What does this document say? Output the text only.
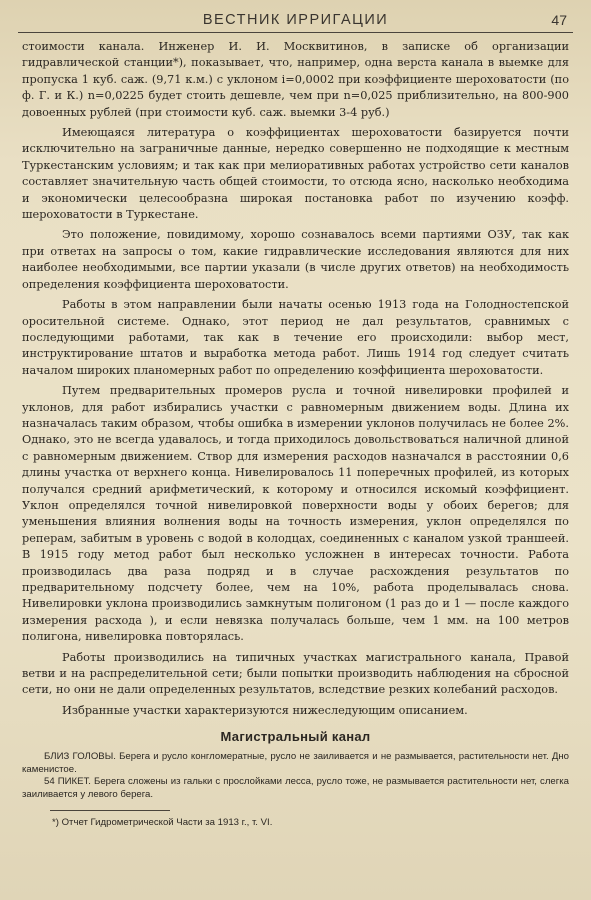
ВЕСТНИК ИРРИГАЦИИ	47

стоимости канала. Инженер И. И. Москвитинов, в записке об организации гидравлической станции*), показывает, что, например, одна верста канала в выемке для пропуска 1 куб. саж. (9,71 к.м.) с уклоном i=0,0002 при коэффициенте шероховатости (по ф. Г. и К.) n=0,0225 будет стоить дешевле, чем при n=0,025 приблизительно, на 800-900 довоенных рублей (при стоимости куб. саж. выемки 3-4 руб.)

Имеющаяся литература о коэффициентах шероховатости базируется почти исключительно на заграничные данные, нередко совершенно не подходящие к местным Туркестанским условиям; и так как при мелиоративных работах устройство сети каналов составляет значительную часть общей стоимости, то отсюда ясно, насколько необходима и экономически целесообразна широкая постановка работ по изучению коэфф. шероховатости в Туркестане.

Это положение, повидимому, хорошо сознавалось всеми партиями ОЗУ, так как при ответах на запросы о том, какие гидравлические исследования являются для них наиболее необходимыми, все партии указали (в числе других ответов) на необходимость определения коэффициента шероховатости.

Работы в этом направлении были начаты осенью 1913 года на Голодностепской оросительной системе. Однако, этот период не дал результатов, сравнимых с последующими работами, так как в течение его происходили: выбор мест, инструктирование штатов и выработка метода работ. Лишь 1914 год следует считать началом широких планомерных работ по определению коэффициента шероховатости.

Путем предварительных промеров русла и точной нивелировки профилей и уклонов, для работ избирались участки с равномерным движением воды. Длина их назначалась таким образом, чтобы ошибка в измерении уклонов получилась не более 2%. Однако, это не всегда удавалось, и тогда приходилось довольствоваться наличной длиной с равномерным движением. Створ для измерения расходов назначался в расстоянии 0,6 длины участка от верхнего конца. Нивелировалось 11 поперечных профилей, из которых получался средний арифметический, к которому и относился искомый коэффициент. Уклон определялся точной нивелировкой поверхности воды у обоих берегов; для уменьшения влияния волнения воды на точность измерения, уклон определялся по реперам, забитым в уровень с водой в колодцах, соединенных с каналом узкой траншеей. В 1915 году метод работ был несколько усложнен в интересах точности. Работа производилась два раза подряд и в случае расхождения результатов по предварительному подсчету более, чем на 10%, работа проделывалась снова. Нивелировки уклона производились замкнутым полигоном (1 раз до и 1 — после каждого измерения расхода ), и если невязка получалась больше, чем 1 мм. на 100 метров полигона, нивелировка повторялась.

Работы производились на типичных участках магистрального канала, Правой ветви и на распределительной сети; были попытки производить наблюдения на сбросной сети, но они не дали определенных результатов, вследствие резких колебаний расходов.

Избранные участки характеризуются нижеследующим описанием.

Магистральный канал

БЛИЗ ГОЛОВЫ. Берега и русло конгломератные, русло не заиливается и не размывается, растительности нет. Дно каменистое.

54 ПИКЕТ. Берега сложены из гальки с прослойками лесса, русло тоже, не размывается растительности нет, слегка заиливается у левого берега.

*) Отчет Гидрометрической Части за 1913 г., т. VI.
